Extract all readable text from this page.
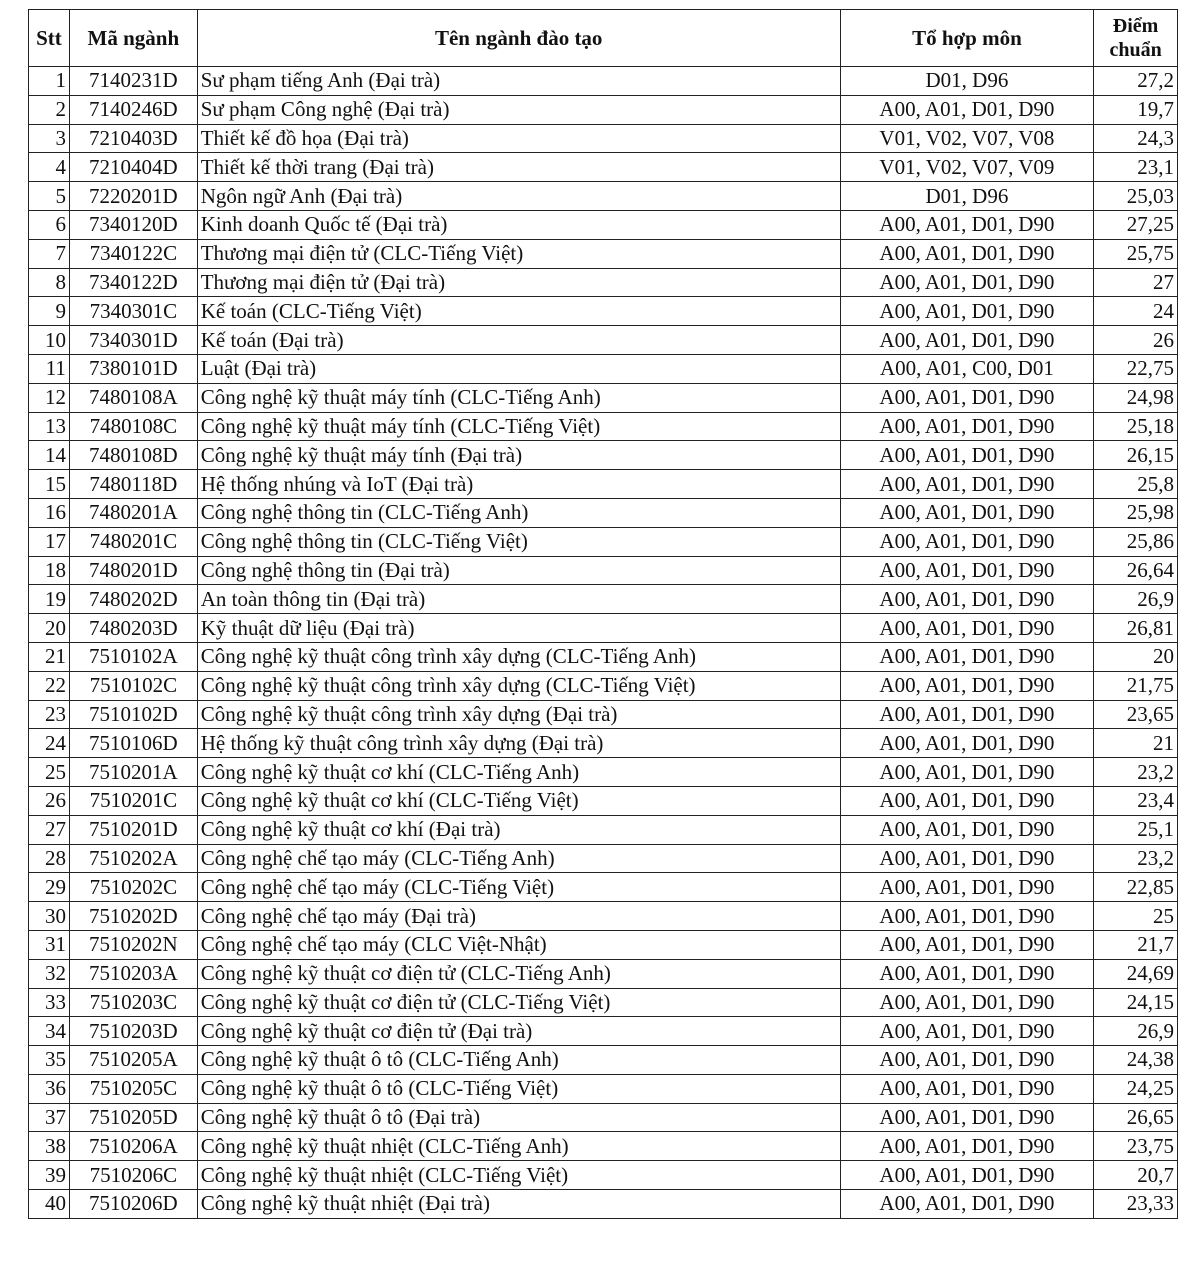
Stt	Mã ngành	Tên ngành đào tạo	Tổ hợp môn	Điểm
chuẩn
1	7140231D	Sư phạm tiếng Anh (Đại trà)	D01, D96	27,2
2	7140246D	Sư phạm Công nghệ (Đại trà)	A00, A01, D01, D90	19,7
3	7210403D	Thiết kế đồ họa (Đại trà)	V01, V02, V07, V08	24,3
4	7210404D	Thiết kế thời trang (Đại trà)	V01, V02, V07, V09	23,1
5	7220201D	Ngôn ngữ Anh (Đại trà)	D01, D96	25,03
6	7340120D	Kinh doanh Quốc tế (Đại trà)	A00, A01, D01, D90	27,25
7	7340122C	Thương mại điện tử (CLC-Tiếng Việt)	A00, A01, D01, D90	25,75
8	7340122D	Thương mại điện tử (Đại trà)	A00, A01, D01, D90	27
9	7340301C	Kế toán (CLC-Tiếng Việt)	A00, A01, D01, D90	24
10	7340301D	Kế toán (Đại trà)	A00, A01, D01, D90	26
11	7380101D	Luật (Đại trà)	A00, A01, C00, D01	22,75
12	7480108A	Công nghệ kỹ thuật máy tính (CLC-Tiếng Anh)	A00, A01, D01, D90	24,98
13	7480108C	Công nghệ kỹ thuật máy tính (CLC-Tiếng Việt)	A00, A01, D01, D90	25,18
14	7480108D	Công nghệ kỹ thuật máy tính (Đại trà)	A00, A01, D01, D90	26,15
15	7480118D	Hệ thống nhúng và IoT (Đại trà)	A00, A01, D01, D90	25,8
16	7480201A	Công nghệ thông tin (CLC-Tiếng Anh)	A00, A01, D01, D90	25,98
17	7480201C	Công nghệ thông tin (CLC-Tiếng Việt)	A00, A01, D01, D90	25,86
18	7480201D	Công nghệ thông tin (Đại trà)	A00, A01, D01, D90	26,64
19	7480202D	An toàn thông tin (Đại trà)	A00, A01, D01, D90	26,9
20	7480203D	Kỹ thuật dữ liệu (Đại trà)	A00, A01, D01, D90	26,81
21	7510102A	Công nghệ kỹ thuật công trình xây dựng (CLC-Tiếng Anh)	A00, A01, D01, D90	20
22	7510102C	Công nghệ kỹ thuật công trình xây dựng (CLC-Tiếng Việt)	A00, A01, D01, D90	21,75
23	7510102D	Công nghệ kỹ thuật công trình xây dựng (Đại trà)	A00, A01, D01, D90	23,65
24	7510106D	Hệ thống kỹ thuật công trình xây dựng (Đại trà)	A00, A01, D01, D90	21
25	7510201A	Công nghệ kỹ thuật cơ khí (CLC-Tiếng Anh)	A00, A01, D01, D90	23,2
26	7510201C	Công nghệ kỹ thuật cơ khí (CLC-Tiếng Việt)	A00, A01, D01, D90	23,4
27	7510201D	Công nghệ kỹ thuật cơ khí (Đại trà)	A00, A01, D01, D90	25,1
28	7510202A	Công nghệ chế tạo máy (CLC-Tiếng Anh)	A00, A01, D01, D90	23,2
29	7510202C	Công nghệ chế tạo máy (CLC-Tiếng Việt)	A00, A01, D01, D90	22,85
30	7510202D	Công nghệ chế tạo máy (Đại trà)	A00, A01, D01, D90	25
31	7510202N	Công nghệ chế tạo máy (CLC Việt-Nhật)	A00, A01, D01, D90	21,7
32	7510203A	Công nghệ kỹ thuật cơ điện tử (CLC-Tiếng Anh)	A00, A01, D01, D90	24,69
33	7510203C	Công nghệ kỹ thuật cơ điện tử (CLC-Tiếng Việt)	A00, A01, D01, D90	24,15
34	7510203D	Công nghệ kỹ thuật cơ điện tử (Đại trà)	A00, A01, D01, D90	26,9
35	7510205A	Công nghệ kỹ thuật ô tô (CLC-Tiếng Anh)	A00, A01, D01, D90	24,38
36	7510205C	Công nghệ kỹ thuật ô tô (CLC-Tiếng Việt)	A00, A01, D01, D90	24,25
37	7510205D	Công nghệ kỹ thuật ô tô (Đại trà)	A00, A01, D01, D90	26,65
38	7510206A	Công nghệ kỹ thuật nhiệt (CLC-Tiếng Anh)	A00, A01, D01, D90	23,75
39	7510206C	Công nghệ kỹ thuật nhiệt (CLC-Tiếng Việt)	A00, A01, D01, D90	20,7
40	7510206D	Công nghệ kỹ thuật nhiệt (Đại trà)	A00, A01, D01, D90	23,33
